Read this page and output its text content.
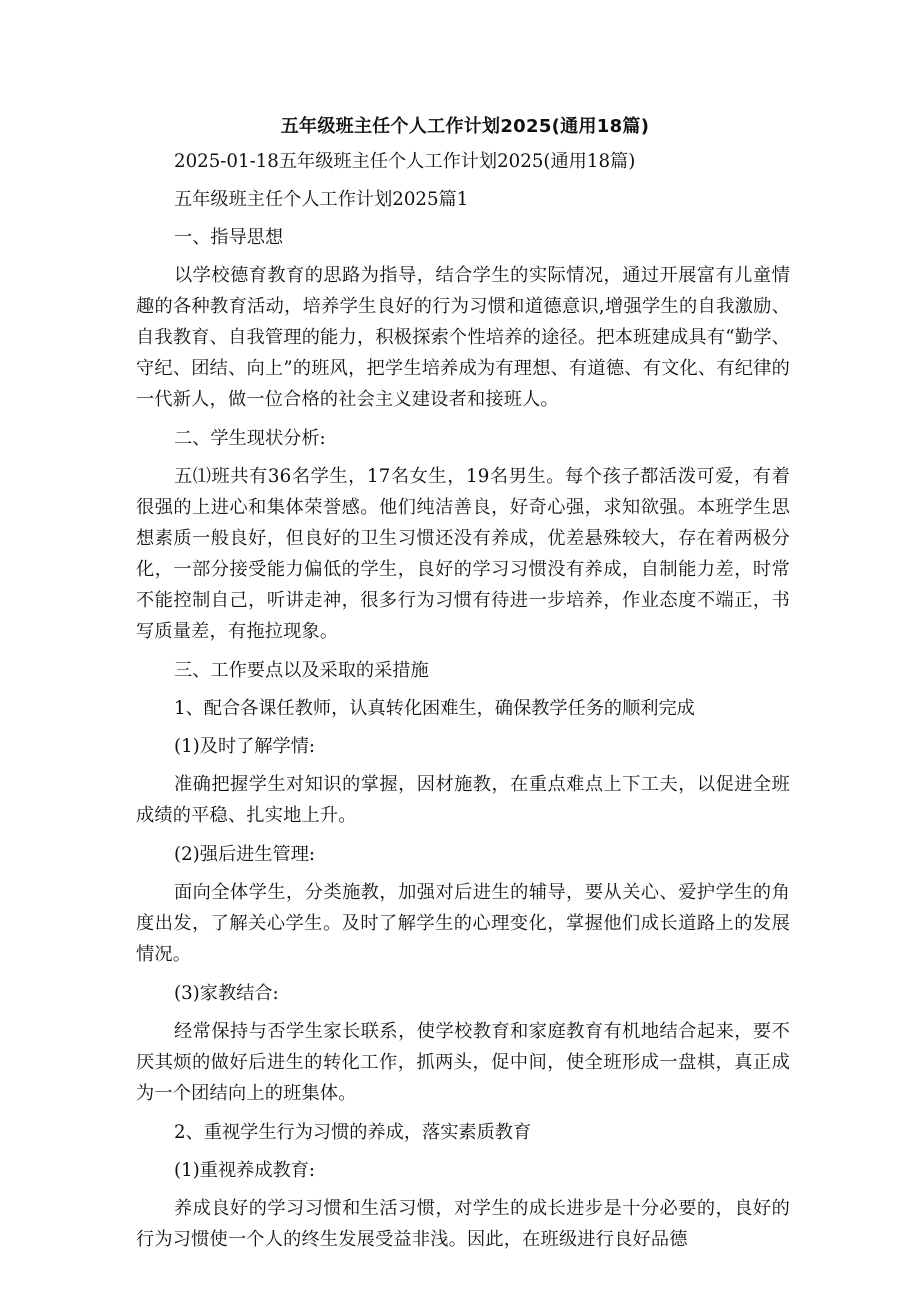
五年级班主任个人工作计划2025(通用18篇)

2025-01-18五年级班主任个人工作计划2025(通用18篇)

五年级班主任个人工作计划2025篇1

一、指导思想

以学校德育教育的思路为指导，结合学生的实际情况，通过开展富有儿童情趣的各种教育活动，培养学生良好的行为习惯和道德意识,增强学生的自我激励、自我教育、自我管理的能力，积极探索个性培养的途径。把本班建成具有“勤学、守纪、团结、向上”的班风，把学生培养成为有理想、有道德、有文化、有纪律的一代新人，做一位合格的社会主义建设者和接班人。

二、学生现状分析:

五⑴班共有36名学生，17名女生，19名男生。每个孩子都活泼可爱，有着很强的上进心和集体荣誉感。他们纯洁善良，好奇心强，求知欲强。本班学生思想素质一般良好，但良好的卫生习惯还没有养成，优差悬殊较大，存在着两极分化，一部分接受能力偏低的学生，良好的学习习惯没有养成，自制能力差，时常不能控制自己，听讲走神，很多行为习惯有待进一步培养，作业态度不端正，书写质量差，有拖拉现象。

三、工作要点以及采取的采措施

1、配合各课任教师，认真转化困难生，确保教学任务的顺利完成

(1)及时了解学情:

准确把握学生对知识的掌握，因材施教，在重点难点上下工夫，以促进全班成绩的平稳、扎实地上升。

(2)强后进生管理:

面向全体学生，分类施教，加强对后进生的辅导，要从关心、爱护学生的角度出发，了解关心学生。及时了解学生的心理变化，掌握他们成长道路上的发展情况。

(3)家教结合:

经常保持与否学生家长联系，使学校教育和家庭教育有机地结合起来，要不厌其烦的做好后进生的转化工作，抓两头，促中间，使全班形成一盘棋，真正成为一个团结向上的班集体。

2、重视学生行为习惯的养成，落实素质教育

(1)重视养成教育:

养成良好的学习习惯和生活习惯，对学生的成长进步是十分必要的，良好的行为习惯使一个人的终生发展受益非浅。因此，在班级进行良好品德
